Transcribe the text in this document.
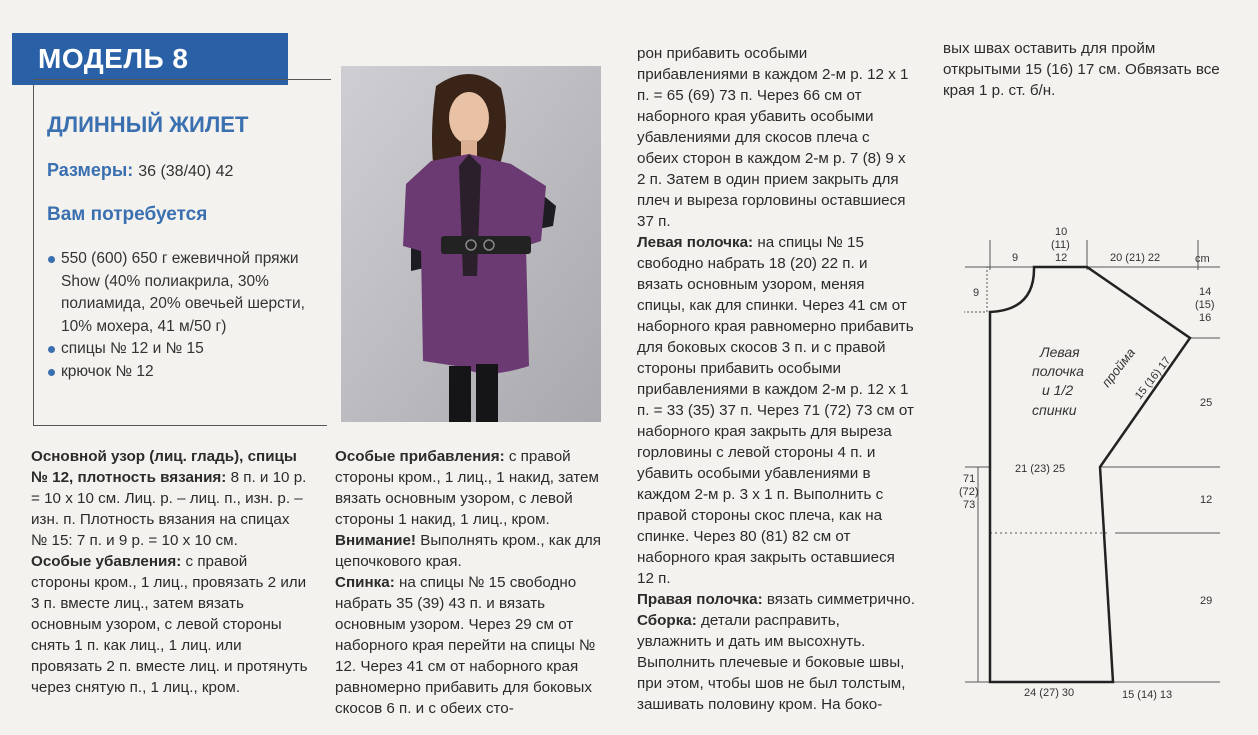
МОДЕЛЬ 8
ДЛИННЫЙ ЖИЛЕТ
Размеры: 36 (38/40) 42
Вам потребуется
550 (600) 650 г ежевичной пряжи Show (40% полиакрила, 30% полиамида, 20% овечьей шерсти, 10% мохера, 41 м/50 г)
спицы № 12 и № 15
крючок № 12

Основной узор (лиц. гладь), спицы № 12, плотность вязания: 8 п. и 10 р. = 10 х 10 см. Лиц. р. – лиц. п., изн. р. – изн. п. Плотность вязания на спицах № 15: 7 п. и 9 р. = 10 х 10 см.

Особые убавления: с правой стороны кром., 1 лиц., провязать 2 или 3 п. вместе лиц., затем вязать основным узором, с левой стороны снять 1 п. как лиц., 1 лиц. или провязать 2 п. вместе лиц. и протянуть через снятую п., 1 лиц., кром.

Особые прибавления: с правой стороны кром., 1 лиц., 1 накид, затем вязать основным узором, с левой стороны 1 накид, 1 лиц., кром.

Внимание! Выполнять кром., как для цепочкового края.

Спинка: на спицы № 15 свободно набрать 35 (39) 43 п. и вязать основным узором. Через 29 см от наборного края перейти на спицы № 12. Через 41 см от наборного края равномерно прибавить для боковых скосов 6 п. и с обеих сто-

рон прибавить особыми прибавлениями в каждом 2-м р. 12 х 1 п. = 65 (69) 73 п. Через 66 см от наборного края убавить особыми убавлениями для скосов плеча с обеих сторон в каждом 2-м р. 7 (8) 9 х 2 п. Затем в один прием закрыть для плеч и выреза горловины оставшиеся 37 п.

Левая полочка: на спицы № 15 свободно набрать 18 (20) 22 п. и вязать основным узором, меняя спицы, как для спинки. Через 41 см от наборного края равномерно прибавить для боковых скосов 3 п. и с правой стороны прибавить особыми прибавлениями в каждом 2-м р. 12 х 1 п. = 33 (35) 37 п. Через 71 (72) 73 см от наборного края закрыть для выреза горловины с левой стороны 4 п. и убавить особыми убавлениями в каждом 2-м р. 3 х 1 п. Выполнить с правой стороны скос плеча, как на спинке. Через 80 (81) 82 см от наборного края закрыть оставшиеся 12 п.

Правая полочка: вязать симметрично.

Сборка: детали расправить, увлажнить и дать им высохнуть. Выполнить плечевые и боковые швы, при этом, чтобы шов не был толстым, зашивать половину кром. На боко-

вых швах оставить для пройм открытыми 15 (16) 17 см. Обвязать все края 1 р. ст. б/н.

9
9
10
(11)
12	20 (21) 22	cm
14
(15)
16
25
Левая
полочка
и 1/2
спинки
пройма
15 (16) 17
21 (23) 25
71
(72)
73	12
29
24 (27) 30	15 (14) 13
